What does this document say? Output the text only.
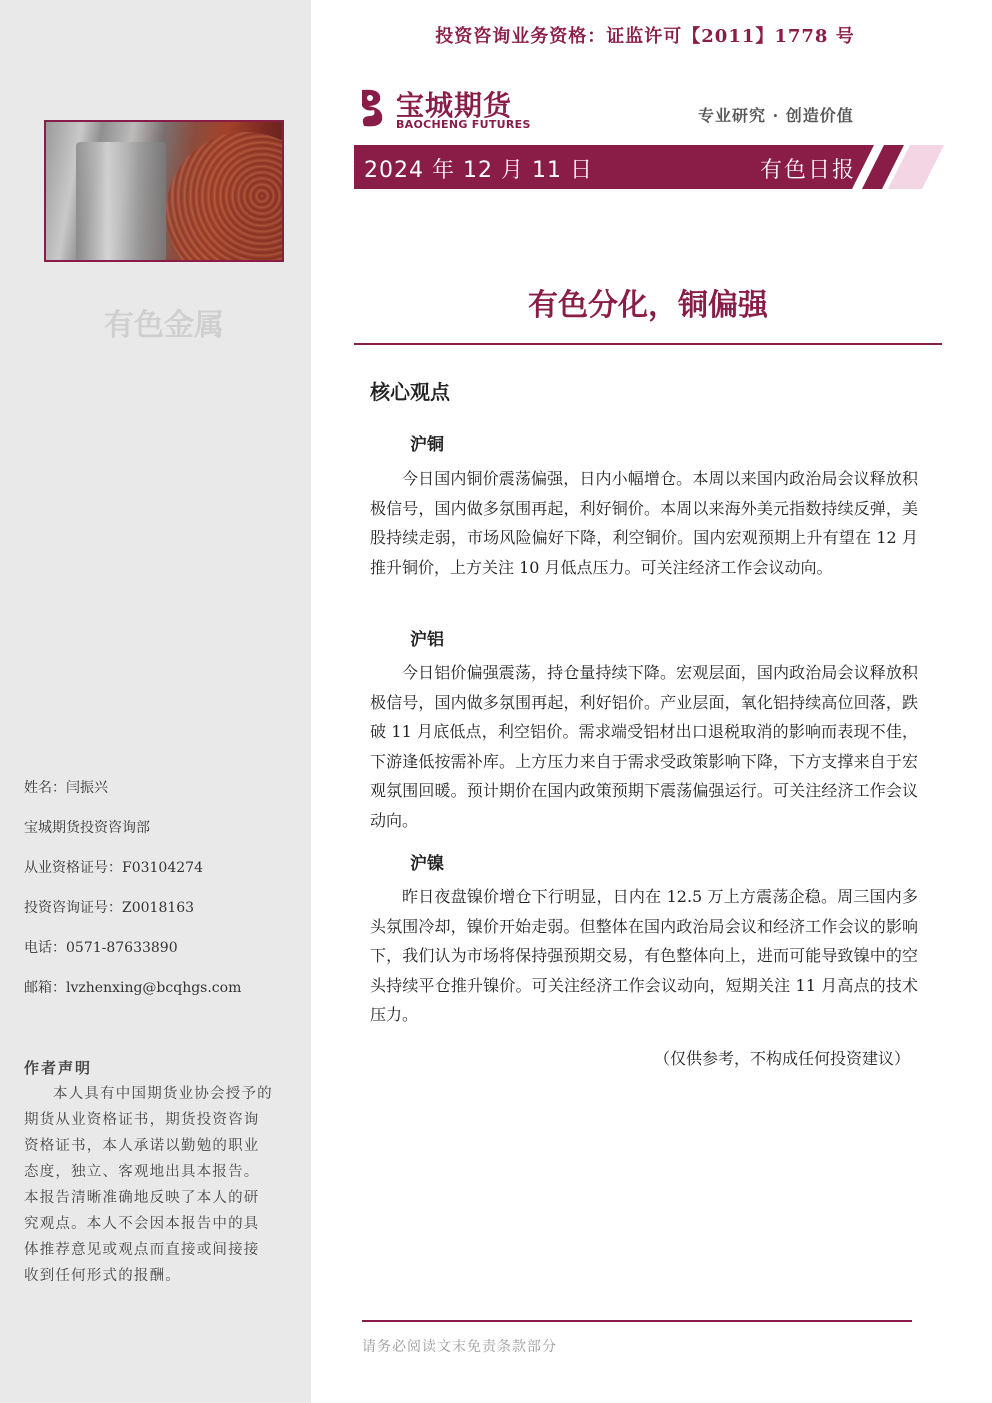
有色金属
姓名：闫振兴
宝城期货投资咨询部
从业资格证号：F03104274
投资咨询证号：Z0018163
电话：0571-87633890
邮箱：lvzhenxing@bcqhgs.com
作者声明
本人具有中国期货业协会授予的期货从业资格证书，期货投资咨询资格证书，本人承诺以勤勉的职业态度，独立、客观地出具本报告。本报告清晰准确地反映了本人的研究观点。本人不会因本报告中的具体推荐意见或观点而直接或间接接收到任何形式的报酬。
投资咨询业务资格：证监许可【2011】1778 号
宝城期货
BAOCHENG FUTURES	专业研究 · 创造价值
2024 年 12 月 11 日	有色日报
有色分化，铜偏强
核心观点
沪铜
今日国内铜价震荡偏强，日内小幅增仓。本周以来国内政治局会议释放积极信号，国内做多氛围再起，利好铜价。本周以来海外美元指数持续反弹，美股持续走弱，市场风险偏好下降，利空铜价。国内宏观预期上升有望在 12 月推升铜价，上方关注 10 月低点压力。可关注经济工作会议动向。
沪铝
今日铝价偏强震荡，持仓量持续下降。宏观层面，国内政治局会议释放积极信号，国内做多氛围再起，利好铝价。产业层面，氧化铝持续高位回落，跌破 11 月底低点，利空铝价。需求端受铝材出口退税取消的影响而表现不佳，下游逢低按需补库。上方压力来自于需求受政策影响下降，下方支撑来自于宏观氛围回暖。预计期价在国内政策预期下震荡偏强运行。可关注经济工作会议动向。
沪镍
昨日夜盘镍价增仓下行明显，日内在 12.5 万上方震荡企稳。周三国内多头氛围冷却，镍价开始走弱。但整体在国内政治局会议和经济工作会议的影响下，我们认为市场将保持强预期交易，有色整体向上，进而可能导致镍中的空头持续平仓推升镍价。可关注经济工作会议动向，短期关注 11 月高点的技术压力。
（仅供参考，不构成任何投资建议）
请务必阅读文末免责条款部分
